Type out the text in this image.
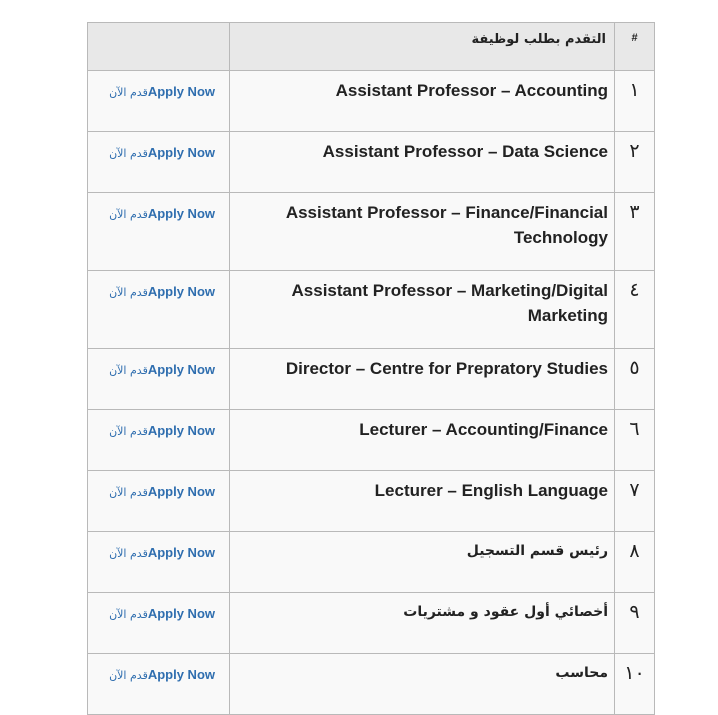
#	التقدم بطلب لوظيفة	
١	Assistant Professor – Accounting	قدم الآنApply Now
٢	Assistant Professor – Data Science	قدم الآنApply Now
٣	Assistant Professor – Finance/Financial Technology	قدم الآنApply Now
٤	Assistant Professor – Marketing/Digital Marketing	قدم الآنApply Now
٥	Director – Centre for Prepratory Studies	قدم الآنApply Now
٦	Lecturer – Accounting/Finance	قدم الآنApply Now
٧	Lecturer – English Language	قدم الآنApply Now
٨	رئيس قسم التسجيل	قدم الآنApply Now
٩	أخصائي أول عقود و مشتريات	قدم الآنApply Now
١٠	محاسب	قدم الآنApply Now
